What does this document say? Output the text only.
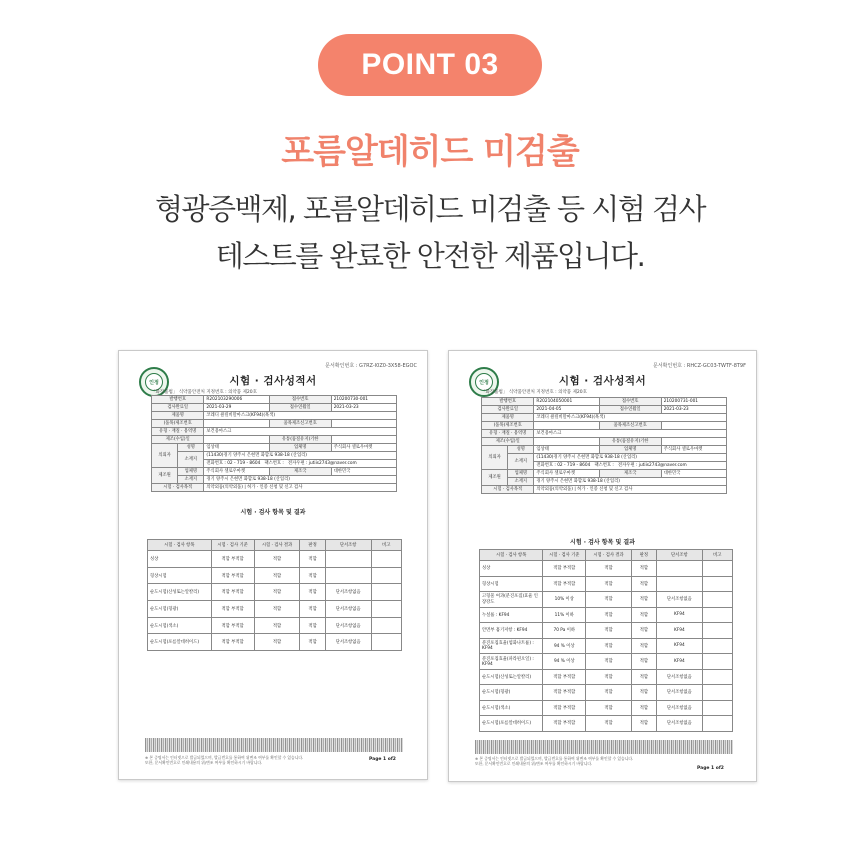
POINT 03
포름알데히드 미검출
형광증백제, 포름알데히드 미검출 등 시험 검사
테스트를 완료한 안전한 제품입니다.
문서확인번호 : G7RZ-I0Z0-3X58-EGOC
인정	시험 · 검사성적서
「화장품법」 식약품안전처 지정번호 : 의약품 제20호
발행번호		R202103290006	접수번호	210200730-001
검사완료일		2021-03-29	접수연월일	2021-03-23
제품명		코레디 클릴비말마스크(KF94)(흑색)		
(품목)제조번호			품목제조신고번호	
유형 · 재질 · 용역명		보건용마스크		
제조(수입)일			유통(품질유지)기한	
의뢰자	성명	임상태	업체명	주식회사 셀로우마켓
	소재지	(11430)경기 양주시 은현면 화합로 938-18 (산업리)		
		전화번호 : 02 - 719 - 8604 팩스번호 : 전자우편 : jutiis2743@naver.com		
제조원	업체명	주식회사 셀로우마켓	제조국	대한민국
	소재지	경기 양주시 은현면 화합로 938-18 (산업리)		
시험 · 검사목적		의약외품(의약외품) | 허가 · 인증 신청 및 신고 검사		
시험 · 검사 항목 및 결과
시험 · 검사 항목	시험 · 검사 기준	시험 · 검사 결과	판정	단서조항	비고
성상	적합 부적합	적합	적합		
형상시험	적합 부적합	적합	적합		
순도시험(산성또는알칼리)	적합 부적합	적합	적합	단서조항없음	
순도시험(형광)	적합 부적합	적합	적합	단서조항없음	
순도시험(색소)	적합 부적합	적합	적합	단서조항없음	
순도시험(포름알데히이드)	적합 부적합	적합	적합	단서조항없음	
※ 본 증명서는 인터넷으로 발급되었으며, 발급번호를 통하여 위변조 여부를 확인할 수 있습니다.
또한, 문서확인번호로 인쇄내용의 위/변조 여부를 확인하시기 바랍니다.
Page 1 of2
문서확인번호 : RHCZ-GC03-TWTF-8T9F
인정	시험 · 검사성적서
「화장품법」 식약품안전처 지정번호 : 의약품 제20호
발행번호		R202104050001	접수번호	210200731-001
검사완료일		2021-04-05	접수연월일	2021-03-23
제품명		코레디 클릴비말마스크(KF94)(흑색)		
(품목)제조번호			품목제조신고번호	
유형 · 재질 · 용역명		보건용마스크		
제조(수입)일			유통(품질유지)기한	
의뢰자	성명	임상태	업체명	주식회사 셀로우마켓
	소재지	(11430)경기 양주시 은현면 화합로 938-18 (산업리)		
		전화번호 : 02 - 719 - 8604 팩스번호 : 전자우편 : jutiis2743@naver.com		
제조원	업체명	주식회사 셀로우마켓	제조국	대한민국
	소재지	경기 양주시 은현면 화합로 938-18 (산업리)		
시험 · 검사목적		의약외품(의약외품) | 허가 · 인증 신청 및 신고 검사		
시험 · 검사 항목 및 결과
시험 · 검사 항목	시험 · 검사 기준	시험 · 검사 결과	판정	단서조항	비고
성상	적합 부적합	적합	적합		
형상시험	적합 부적합	적합	적합		
고형물 여과(분진포집)효율 인장강도	10% 이상	적합	적합	단서조항없음	
누설률 : KF94	11% 이하	적합	적합	KF94	
안면부 흡기저항 : KF94	70 Pa 이하	적합	적합	KF94	
분진포집효율(염화나트륨) : KF94	94 % 이상	적합	적합	KF94	
분진포집효율(파라핀오일) : KF94	94 % 이상	적합	적합	KF94	
순도시험(산성또는알칼리)	적합 부적합	적합	적합	단서조항없음	
순도시험(형광)	적합 부적합	적합	적합	단서조항없음	
순도시험(색소)	적합 부적합	적합	적합	단서조항없음	
순도시험(포름알데히이드)	적합 부적합	적합	적합	단서조항없음	
※ 본 증명서는 인터넷으로 발급되었으며, 발급번호를 통하여 위변조 여부를 확인할 수 있습니다.
또한, 문서확인번호로 인쇄내용의 위/변조 여부를 확인하시기 바랍니다.
Page 1 of2
